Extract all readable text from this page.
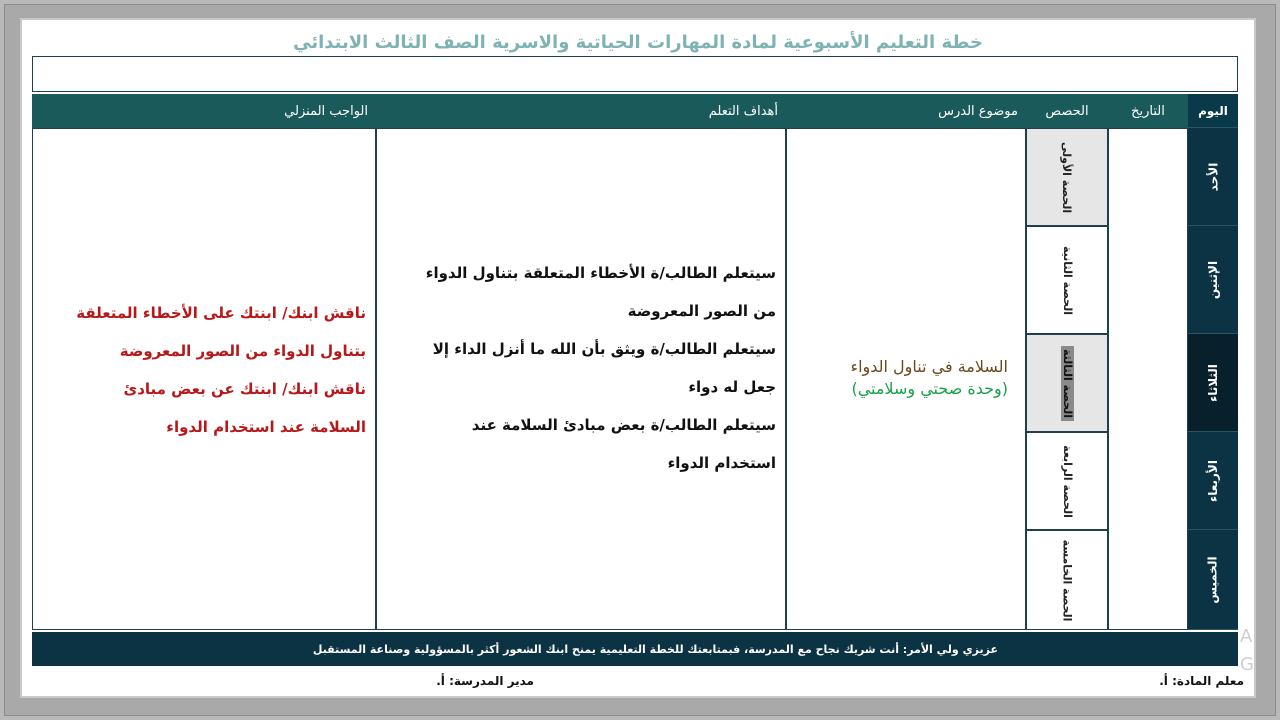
خطة التعليم الأسبوعية لمادة المهارات الحياتية والاسرية الصف الثالث الابتدائي
اليوم
التاريخ
الحصص
موضوع الدرس
أهداف التعلم
الواجب المنزلي
الأحد
الإثنين
الثلاثاء
الأربعاء
الخميس
الحصة الأولى
الحصة الثانية
الحصة الثالثة
الحصة الرابعة
الحصة الخامسة
السلامة في تناول الدواء
(وحدة صحتي وسلامتي)
سيتعلم الطالب/ة الأخطاء المتعلقة بتناول الدواء
من الصور المعروضة
سيتعلم الطالب/ة ويثق بأن الله ما أنزل الداء إلا
جعل له دواء
سيتعلم الطالب/ة بعض مبادئ السلامة عند
استخدام الدواء
ناقش ابنك/ ابنتك على الأخطاء المتعلقة
بتناول الدواء من الصور المعروضة
ناقش ابنك/ ابنتك عن بعض مبادئ
السلامة عند استخدام الدواء
عزيزي ولي الأمر: أنت شريك نجاح مع المدرسة، فبمتابعتك للخطة التعليمية يمنح ابنك الشعور أكثر بالمسؤولية وصناعة المستقبل
معلم المادة: أ.
مدير المدرسة: أ.
A
G
